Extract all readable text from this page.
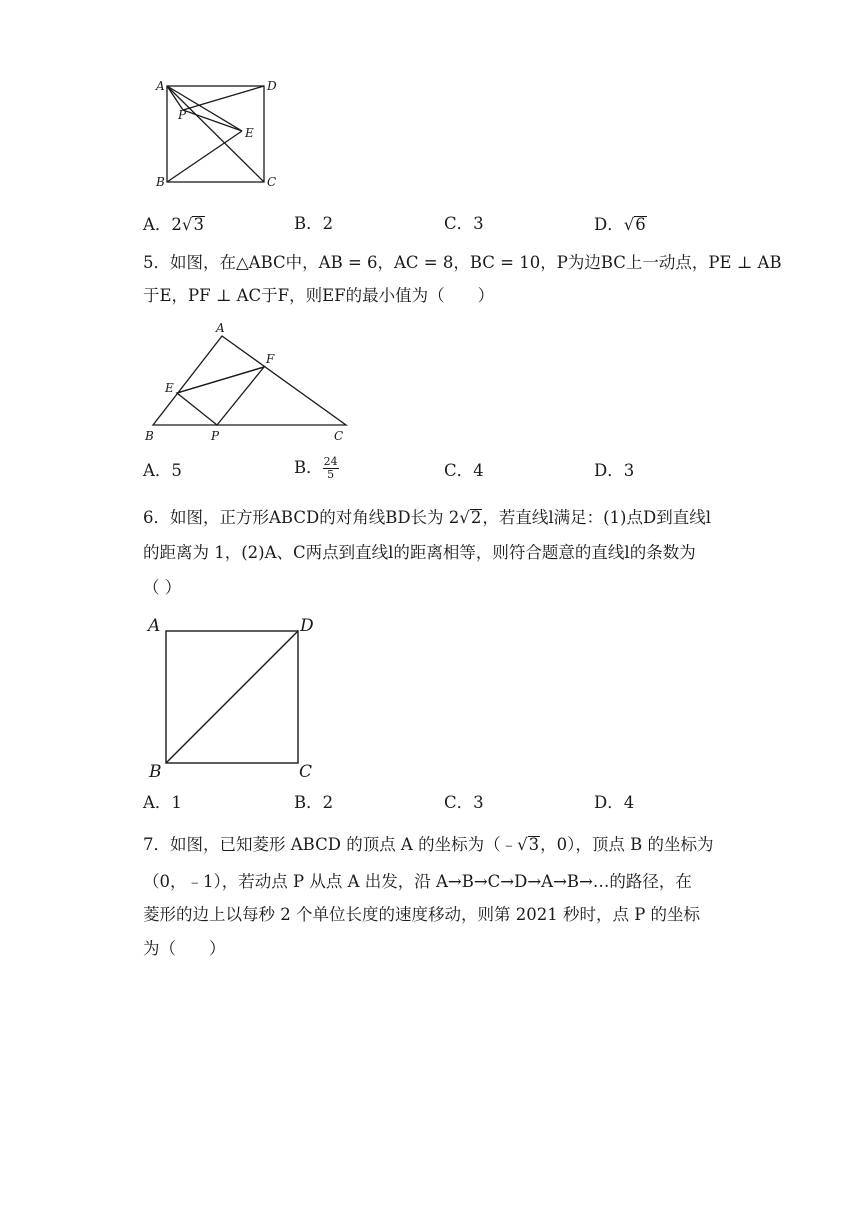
A	D
P
E
B	C
A．2√3	B．2	C．3	D．√6
5．如图，在△ABC中，AB = 6，AC = 8，BC = 10，P为边BC上一动点，PE ⊥ AB
于E，PF ⊥ AC于F，则EF的最小值为（　　）
A
F
E
B	P	C
A．5	B． $\frac{24}{5}$	C．4	D．3
6．如图，正方形ABCD的对角线BD长为 2√2，若直线l满足：(1)点D到直线l
的距离为 1，(2)A、C两点到直线l的距离相等，则符合题意的直线l的条数为
（ ）
A	D
B	C
A．1	B．2	C．3	D．4
7．如图，已知菱形 ABCD 的顶点 A 的坐标为（﹣√3，0），顶点 B 的坐标为
（0，﹣1），若动点 P 从点 A 出发，沿 A→B→C→D→A→B→…的路径，在
菱形的边上以每秒 2 个单位长度的速度移动，则第 2021 秒时，点 P 的坐标
为（　　）
